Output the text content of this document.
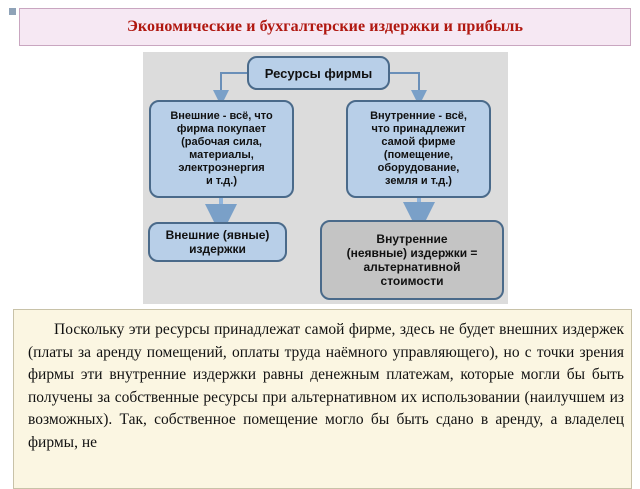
Экономические и бухгалтерские издержки и прибыль
Ресурсы фирмы
Внешние - всё, что
фирма покупает
(рабочая сила,
материалы,
электроэнергия
и т.д.)
Внутренние - всё,
что принадлежит
самой фирме
(помещение,
оборудование,
земля и т.д.)
Внешние (явные)
издержки
Внутренние
(неявные) издержки =
альтернативной
стоимости

Поскольку эти ресурсы принадлежат самой фирме, здесь не будет внешних издержек (платы за аренду помещений, оплаты труда наёмного управляющего), но с точки зрения фирмы эти внутренние издержки равны денежным платежам, которые могли бы быть получены за собственные ресурсы при альтернативном их использовании (наилучшем из возможных). Так, собственное помещение могло бы быть сдано в аренду, а владелец фирмы, не
